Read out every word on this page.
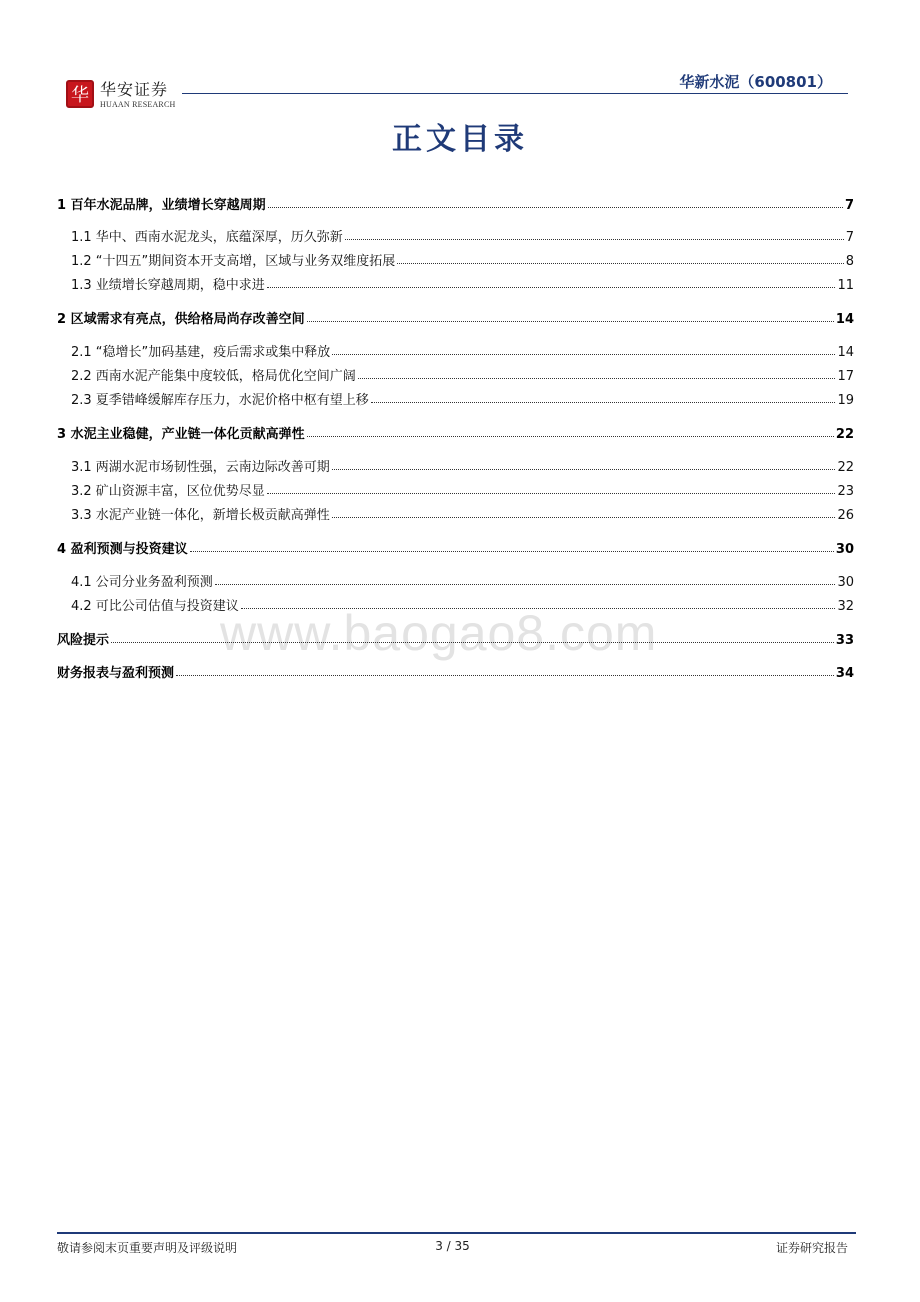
华 华安证券
HUAAN RESEARCH
华新水泥（600801）
正文目录
www.baogao8.com
1 百年水泥品牌，业绩增长穿越周期	7
1.1 华中、西南水泥龙头，底蕴深厚，历久弥新	7
1.2 “十四五”期间资本开支高增，区域与业务双维度拓展	8
1.3 业绩增长穿越周期，稳中求进	11
2 区域需求有亮点，供给格局尚存改善空间	14
2.1 “稳增长”加码基建，疫后需求或集中释放	14
2.2 西南水泥产能集中度较低，格局优化空间广阔	17
2.3 夏季错峰缓解库存压力，水泥价格中枢有望上移	19
3 水泥主业稳健，产业链一体化贡献高弹性	22
3.1 两湖水泥市场韧性强，云南边际改善可期	22
3.2 矿山资源丰富，区位优势尽显	23
3.3 水泥产业链一体化，新增长极贡献高弹性	26
4 盈利预测与投资建议	30
4.1 公司分业务盈利预测	30
4.2 可比公司估值与投资建议	32
风险提示	33
财务报表与盈利预测	34
敬请参阅末页重要声明及评级说明	3 / 35	证券研究报告
